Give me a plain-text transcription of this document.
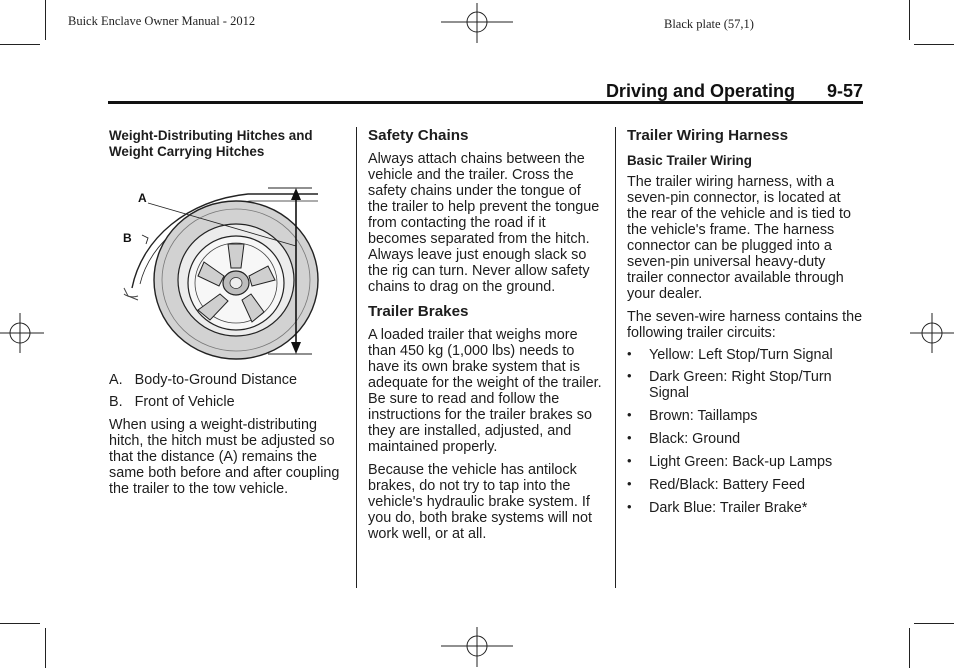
Buick Enclave Owner Manual - 2012	Black plate (57,1)
Driving and Operating 9-57
Weight-Distributing Hitches and Weight Carrying Hitches
A
B

A.   Body-to-Ground Distance

B.   Front of Vehicle

When using a weight-distributing hitch, the hitch must be adjusted so that the distance (A) remains the same both before and after coupling the trailer to the tow vehicle.

Safety Chains

Always attach chains between the vehicle and the trailer. Cross the safety chains under the tongue of the trailer to help prevent the tongue from contacting the road if it becomes separated from the hitch. Always leave just enough slack so the rig can turn. Never allow safety chains to drag on the ground.

Trailer Brakes

A loaded trailer that weighs more than 450 kg (1,000 lbs) needs to have its own brake system that is adequate for the weight of the trailer. Be sure to read and follow the instructions for the trailer brakes so they are installed, adjusted, and maintained properly.

Because the vehicle has antilock brakes, do not try to tap into the vehicle's hydraulic brake system. If you do, both brake systems will not work well, or at all.

Trailer Wiring Harness
Basic Trailer Wiring

The trailer wiring harness, with a seven-pin connector, is located at the rear of the vehicle and is tied to the vehicle's frame. The harness connector can be plugged into a seven-pin universal heavy-duty trailer connector available through your dealer.

The seven-wire harness contains the following trailer circuits:

• Yellow: Left Stop/Turn Signal
• Dark Green: Right Stop/Turn Signal
• Brown: Taillamps
• Black: Ground
• Light Green: Back-up Lamps
• Red/Black: Battery Feed
• Dark Blue: Trailer Brake*
